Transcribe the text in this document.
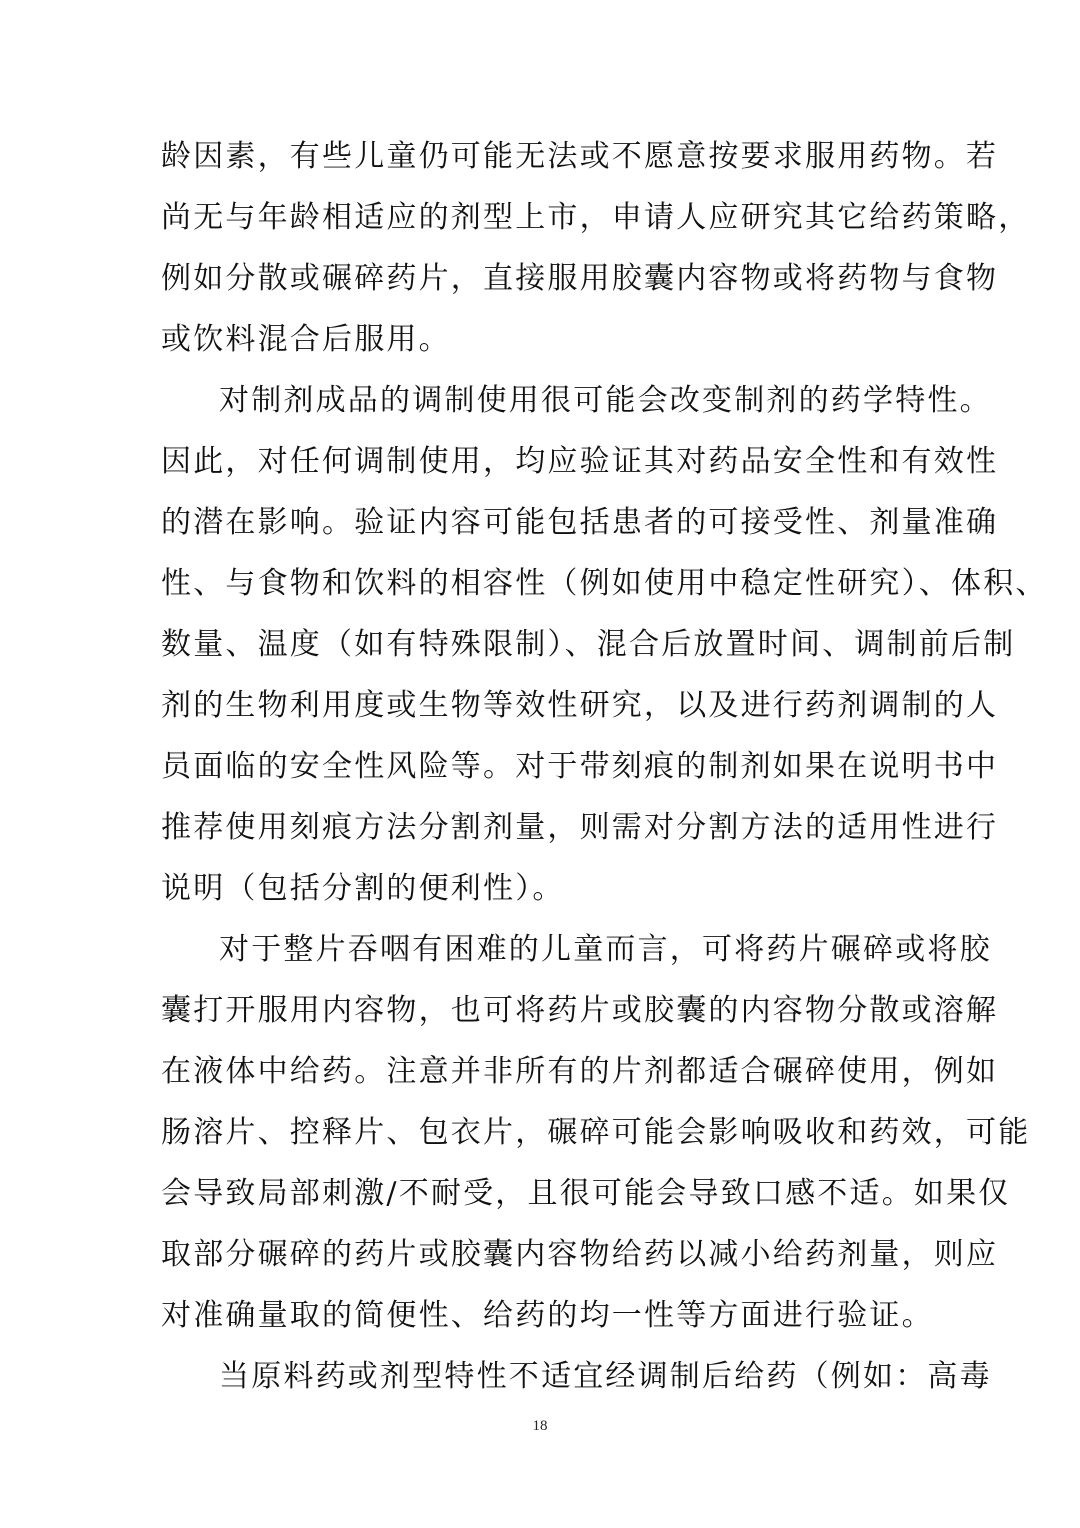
龄因素，有些儿童仍可能无法或不愿意按要求服用药物。若
尚无与年龄相适应的剂型上市，申请人应研究其它给药策略，
例如分散或碾碎药片，直接服用胶囊内容物或将药物与食物
或饮料混合后服用。
对制剂成品的调制使用很可能会改变制剂的药学特性。
因此，对任何调制使用，均应验证其对药品安全性和有效性
的潜在影响。验证内容可能包括患者的可接受性、剂量准确
性、与食物和饮料的相容性（例如使用中稳定性研究）、体积、
数量、温度（如有特殊限制）、混合后放置时间、调制前后制
剂的生物利用度或生物等效性研究，以及进行药剂调制的人
员面临的安全性风险等。对于带刻痕的制剂如果在说明书中
推荐使用刻痕方法分割剂量，则需对分割方法的适用性进行
说明（包括分割的便利性）。
对于整片吞咽有困难的儿童而言，可将药片碾碎或将胶
囊打开服用内容物，也可将药片或胶囊的内容物分散或溶解
在液体中给药。注意并非所有的片剂都适合碾碎使用，例如
肠溶片、控释片、包衣片，碾碎可能会影响吸收和药效，可能
会导致局部刺激/不耐受，且很可能会导致口感不适。如果仅
取部分碾碎的药片或胶囊内容物给药以减小给药剂量，则应
对准确量取的简便性、给药的均一性等方面进行验证。
当原料药或剂型特性不适宜经调制后给药（例如：高毒
18
